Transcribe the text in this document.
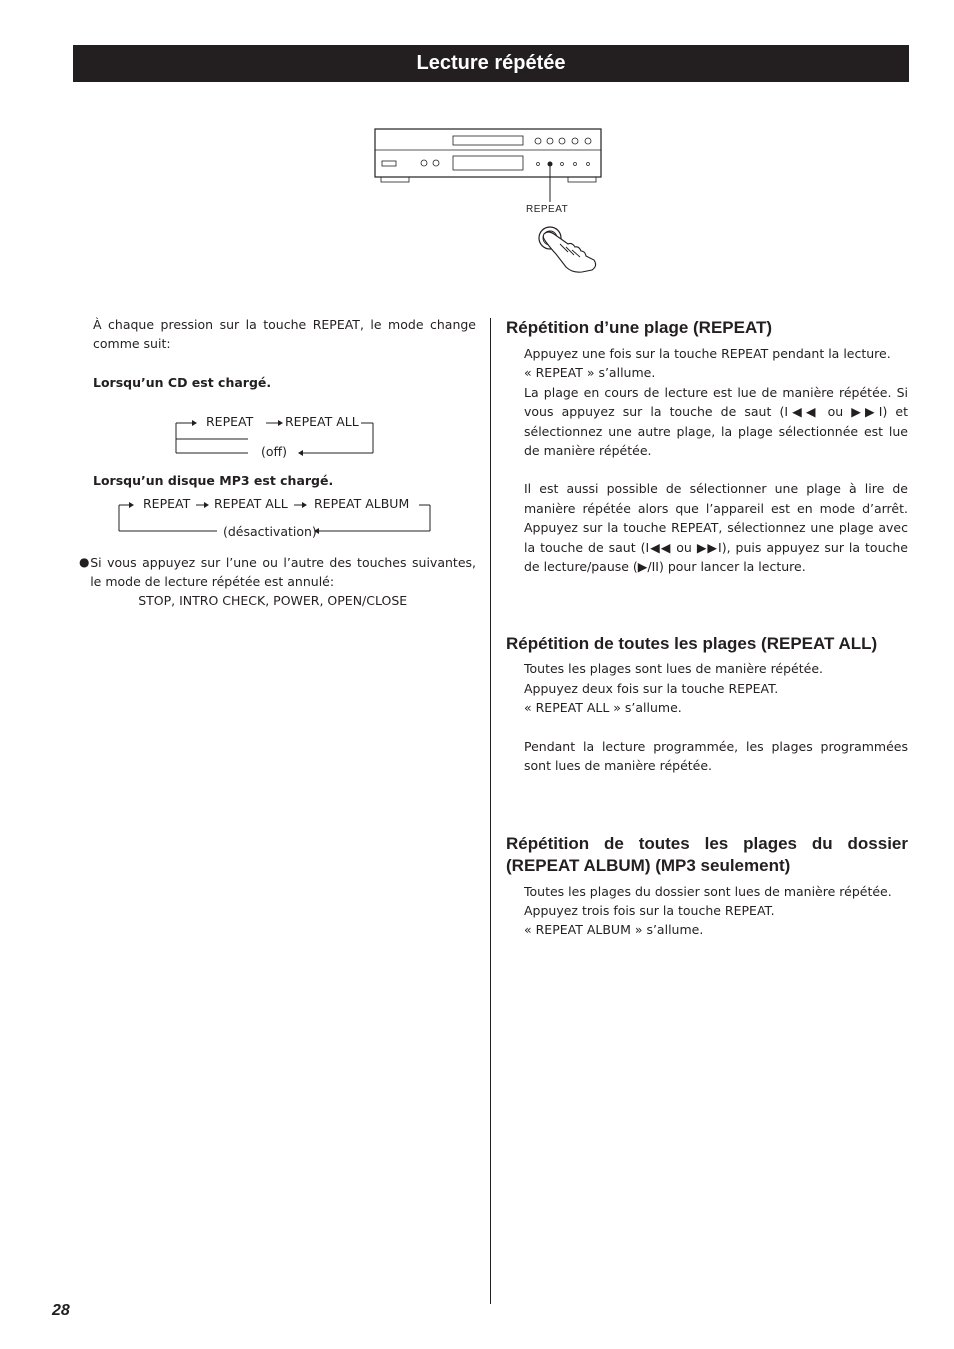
Lecture répétée
REPEAT

À chaque pression sur la touche REPEAT, le mode change comme suit:

Lorsqu’un CD est chargé.

REPEAT	REPEAT ALL
(off)

Lorsqu’un disque MP3 est chargé.

REPEAT REPEAT ALL REPEAT ALBUM
(désactivation)
● Si vous appuyez sur l’une ou l’autre des touches suivantes, le mode de lecture répétée est annulé:

STOP, INTRO CHECK, POWER, OPEN/CLOSE

Répétition d’une plage (REPEAT)

Appuyez une fois sur la touche REPEAT pendant la lecture.

« REPEAT » s’allume.

La plage en cours de lecture est lue de manière répétée. Si vous appuyez sur la touche de saut (I◀◀ ou ▶▶I) et sélectionnez une autre plage, la plage sélectionnée est lue de manière répétée.

Il est aussi possible de sélectionner une plage à lire de manière répétée alors que l’appareil est en mode d’arrêt. Appuyez sur la touche REPEAT, sélectionnez une plage avec la touche de saut (I◀◀ ou ▶▶I), puis appuyez sur la touche de lecture/pause (▶/II) pour lancer la lecture.

Répétition de toutes les plages (REPEAT ALL)

Toutes les plages sont lues de manière répétée.

Appuyez deux fois sur la touche REPEAT.

« REPEAT ALL » s’allume.

Pendant la lecture programmée, les plages programmées sont lues de manière répétée.

Répétition de toutes les plages du dossier (REPEAT ALBUM) (MP3 seulement)

Toutes les plages du dossier sont lues de manière répétée.

Appuyez trois fois sur la touche REPEAT.

« REPEAT ALBUM » s’allume.

28
